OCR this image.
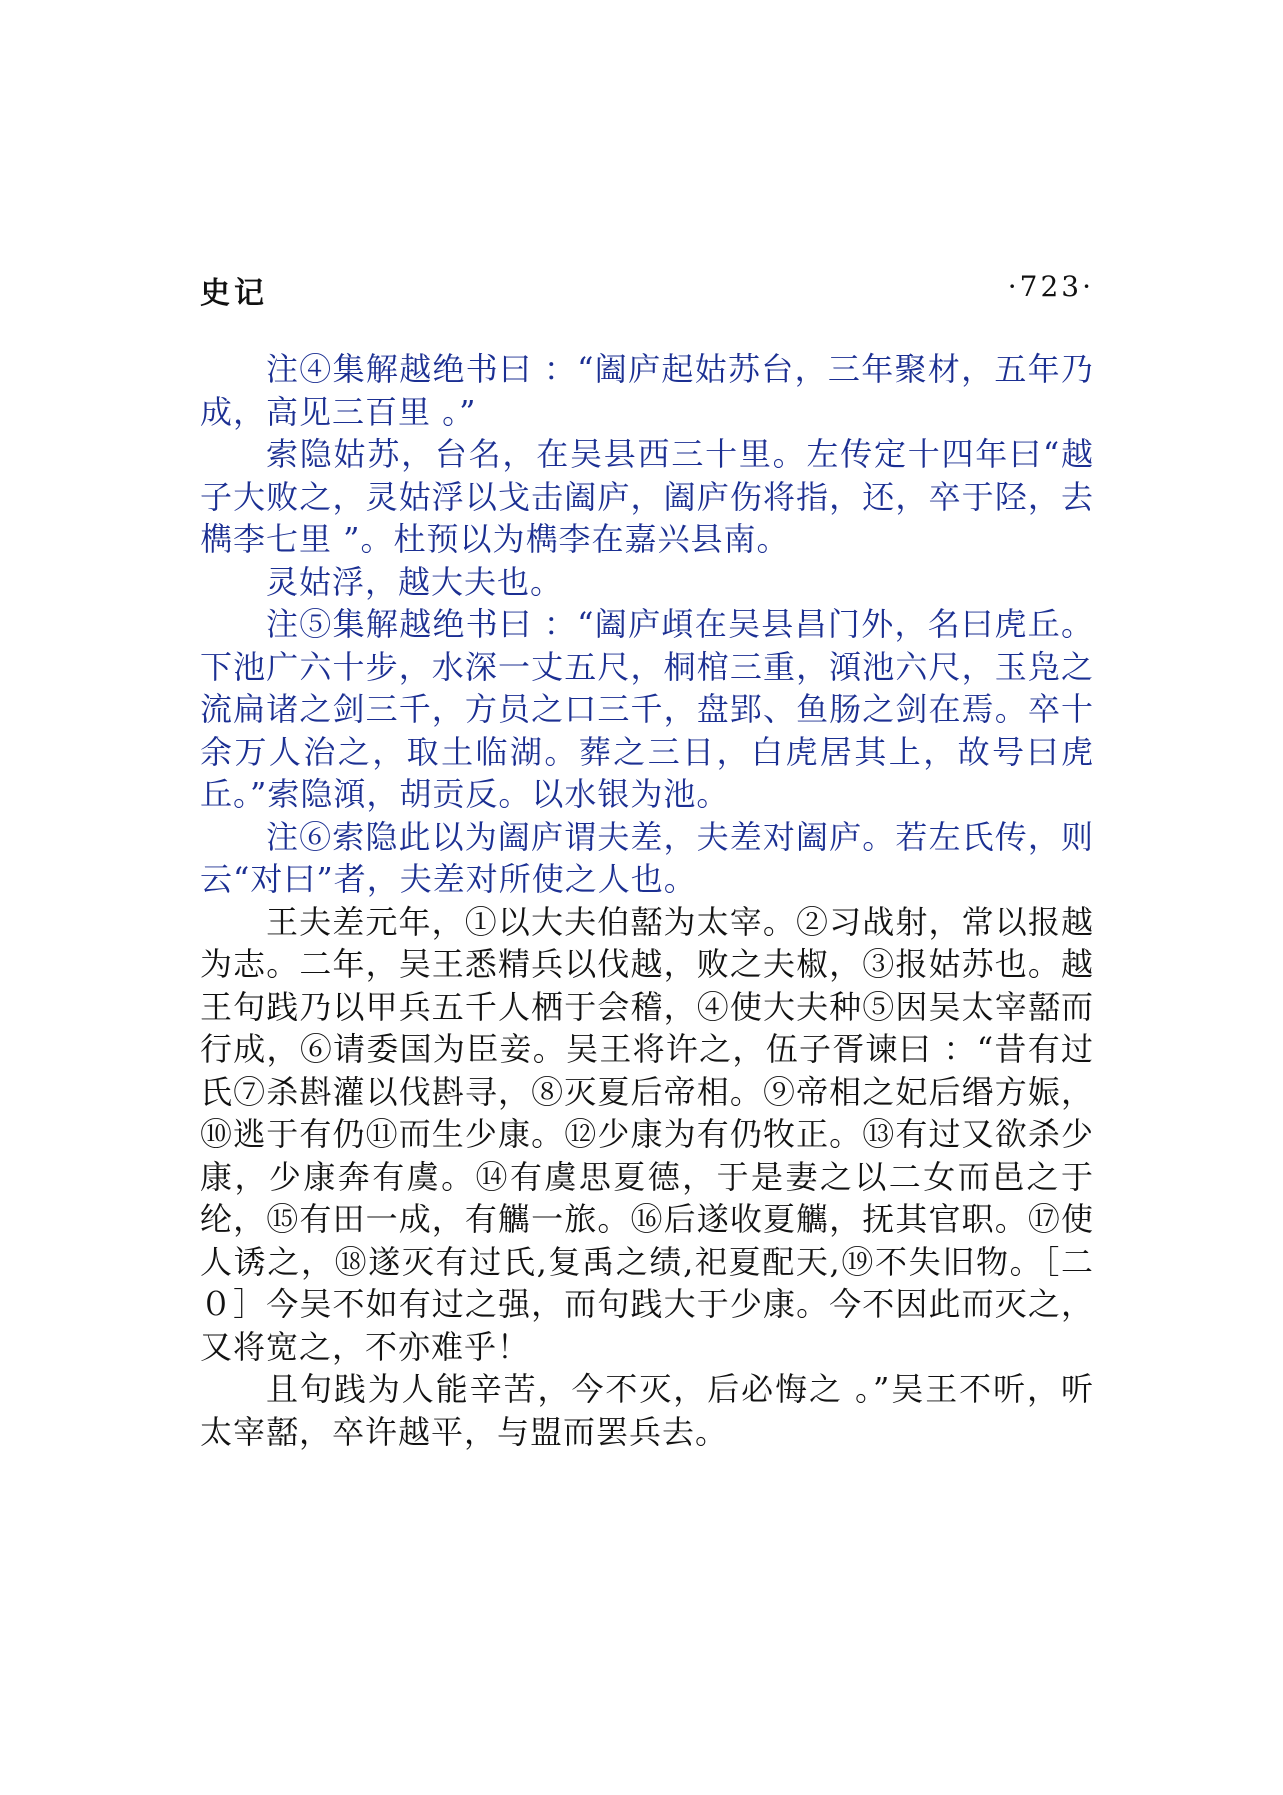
史记	·723·

注④集解越绝书曰 ：“阖庐起姑苏台，三年聚材，五年乃成，高见三百里 。”

索隐姑苏，台名，在吴县西三十里。左传定十四年曰“越子大败之，灵姑浮以戈击阖庐，阖庐伤将指，还，卒于陉，去檇李七里 ”。杜预以为檇李在嘉兴县南。

灵姑浮，越大夫也。

注⑤集解越绝书曰 ：“阖庐頉在吴县昌门外，名曰虎丘。下池广六十步，水深一丈五尺，桐棺三重，澒池六尺，玉凫之流扁诸之剑三千，方员之口三千，盘郢、鱼肠之剑在焉。卒十余万人治之，取土临湖。葬之三日，白虎居其上，故号曰虎丘。”索隐澒，胡贡反。以水银为池。

注⑥索隐此以为阖庐谓夫差，夫差对阖庐。若左氏传，则云“对曰”者，夫差对所使之人也。

王夫差元年，①以大夫伯嚭为太宰。②习战射，常以报越为志。二年，吴王悉精兵以伐越，败之夫椒，③报姑苏也。越王句践乃以甲兵五千人栖于会稽，④使大夫种⑤因吴太宰嚭而行成，⑥请委国为臣妾。吴王将许之，伍子胥谏曰 ：“昔有过氏⑦杀斟灌以伐斟寻，⑧灭夏后帝相。⑨帝相之妃后缗方娠，⑩逃于有仍⑪而生少康。⑫少康为有仍牧正。⑬有过又欲杀少康，少康奔有虞。⑭有虞思夏德，于是妻之以二女而邑之于纶，⑮有田一成，有觽一旅。⑯后遂收夏觽，抚其官职。⑰使人诱之，⑱遂灭有过氏,复禹之绩,祀夏配天,⑲不失旧物。［二０］今吴不如有过之强，而句践大于少康。今不因此而灭之，又将宽之，不亦难乎！

且句践为人能辛苦，今不灭，后必悔之 。”吴王不听，听太宰嚭，卒许越平，与盟而罢兵去。
